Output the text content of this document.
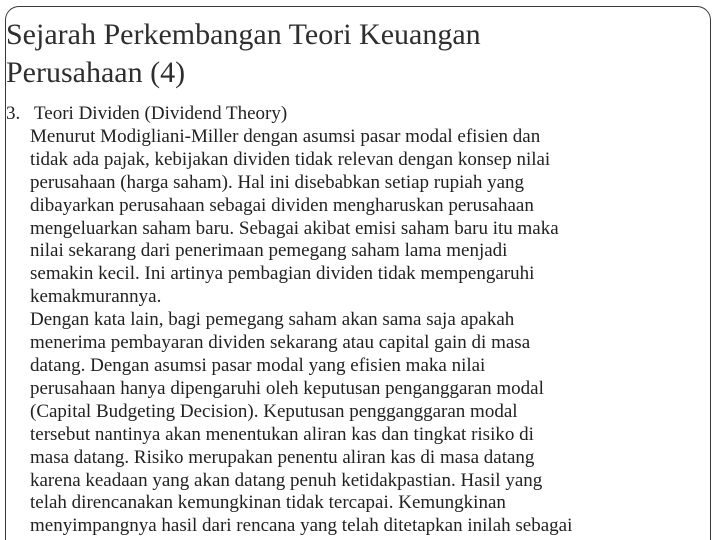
Sejarah Perkembangan Teori Keuangan
Perusahaan (4)
3. Teori Dividen (Dividend Theory)
Menurut Modigliani-Miller dengan asumsi pasar modal efisien dan
tidak ada pajak, kebijakan dividen tidak relevan dengan konsep nilai
perusahaan (harga saham). Hal ini disebabkan setiap rupiah yang
dibayarkan perusahaan sebagai dividen mengharuskan perusahaan
mengeluarkan saham baru. Sebagai akibat emisi saham baru itu maka
nilai sekarang dari penerimaan pemegang saham lama menjadi
semakin kecil. Ini artinya pembagian dividen tidak mempengaruhi
kemakmurannya.
Dengan kata lain, bagi pemegang saham akan sama saja apakah
menerima pembayaran dividen sekarang atau capital gain di masa
datang. Dengan asumsi pasar modal yang efisien maka nilai
perusahaan hanya dipengaruhi oleh keputusan penganggaran modal
(Capital Budgeting Decision). Keputusan pengganggaran modal
tersebut nantinya akan menentukan aliran kas dan tingkat risiko di
masa datang. Risiko merupakan penentu aliran kas di masa datang
karena keadaan yang akan datang penuh ketidakpastian. Hasil yang
telah direncanakan kemungkinan tidak tercapai. Kemungkinan
menyimpangnya hasil dari rencana yang telah ditetapkan inilah sebagai
